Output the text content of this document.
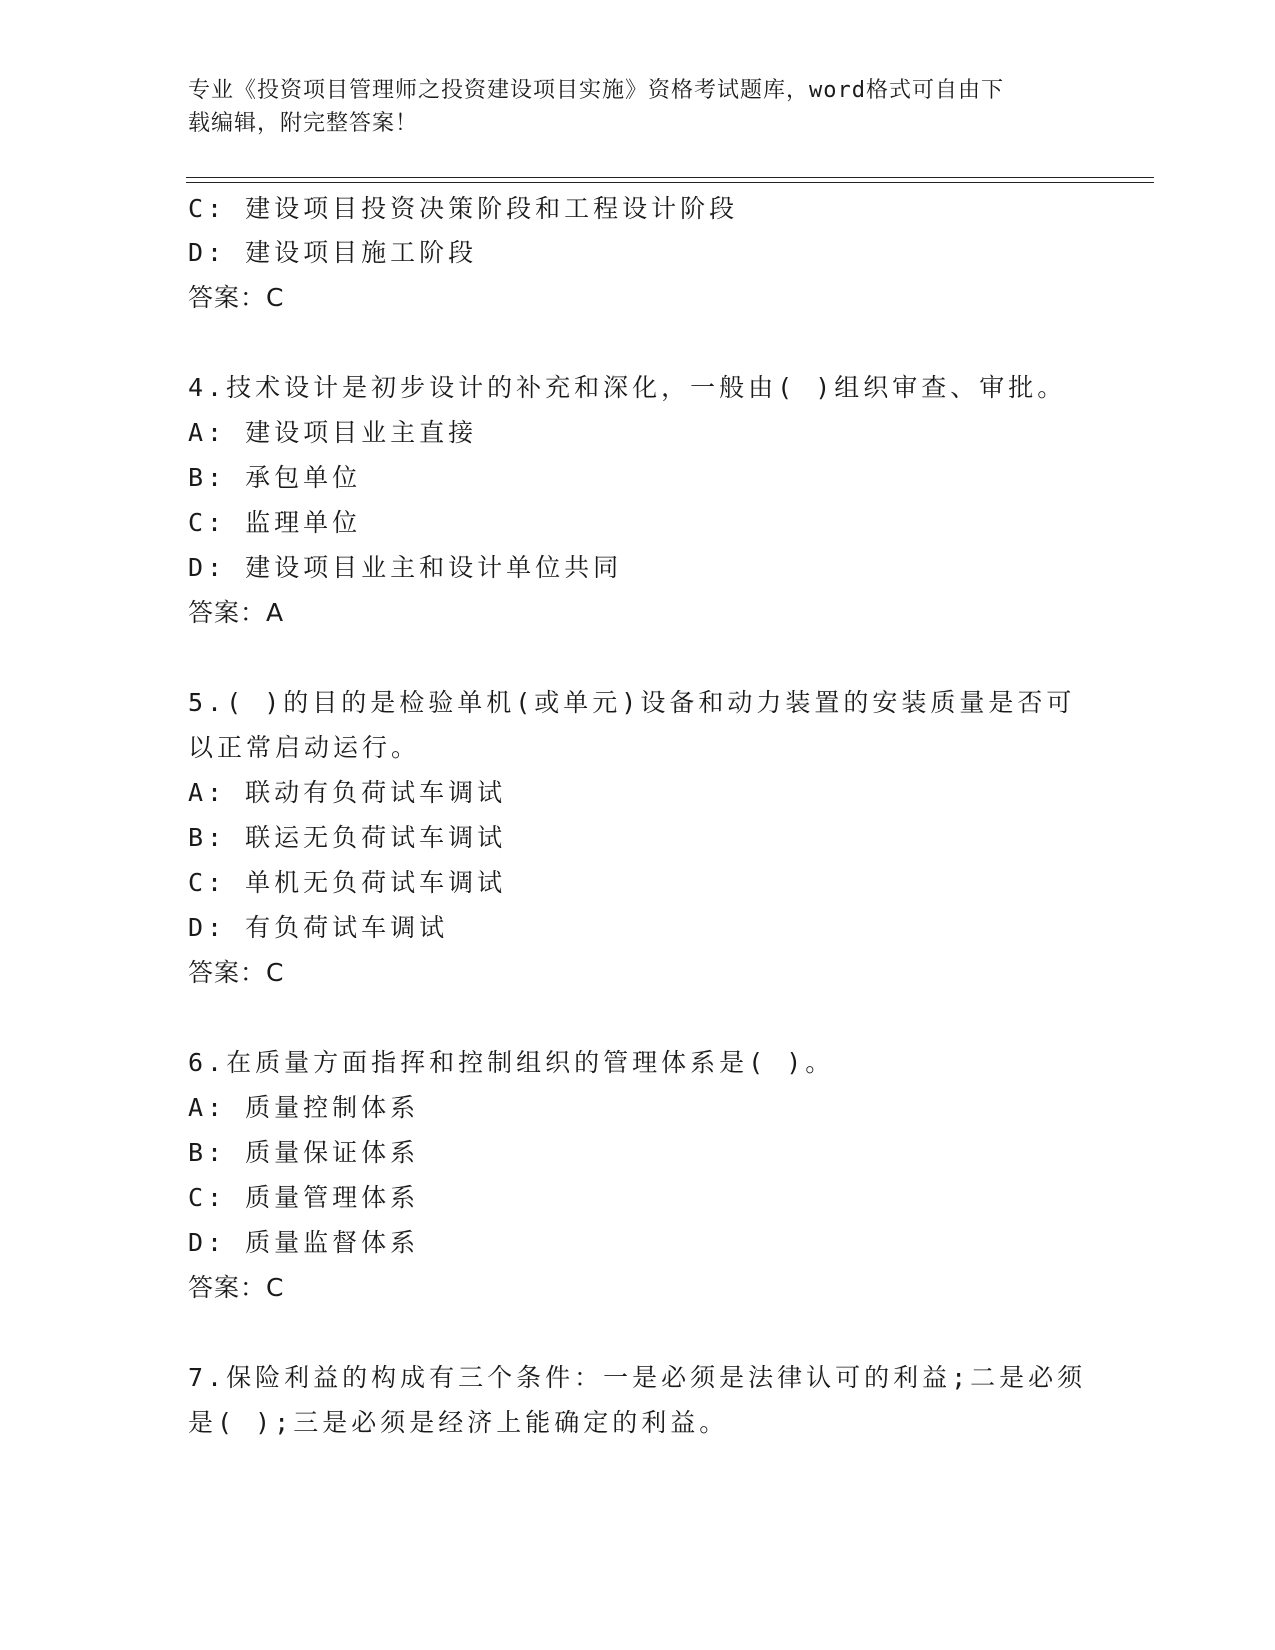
专业《投资项目管理师之投资建设项目实施》资格考试题库，word格式可自由下
载编辑，附完整答案！
C: 建设项目投资决策阶段和工程设计阶段
D: 建设项目施工阶段
答案：C
4.技术设计是初步设计的补充和深化，一般由( )组织审查、审批。
A: 建设项目业主直接
B: 承包单位
C: 监理单位
D: 建设项目业主和设计单位共同
答案：A
5.( )的目的是检验单机(或单元)设备和动力装置的安装质量是否可
以正常启动运行。
A: 联动有负荷试车调试
B: 联运无负荷试车调试
C: 单机无负荷试车调试
D: 有负荷试车调试
答案：C
6.在质量方面指挥和控制组织的管理体系是( )。
A: 质量控制体系
B: 质量保证体系
C: 质量管理体系
D: 质量监督体系
答案：C
7.保险利益的构成有三个条件：一是必须是法律认可的利益;二是必须
是( );三是必须是经济上能确定的利益。
